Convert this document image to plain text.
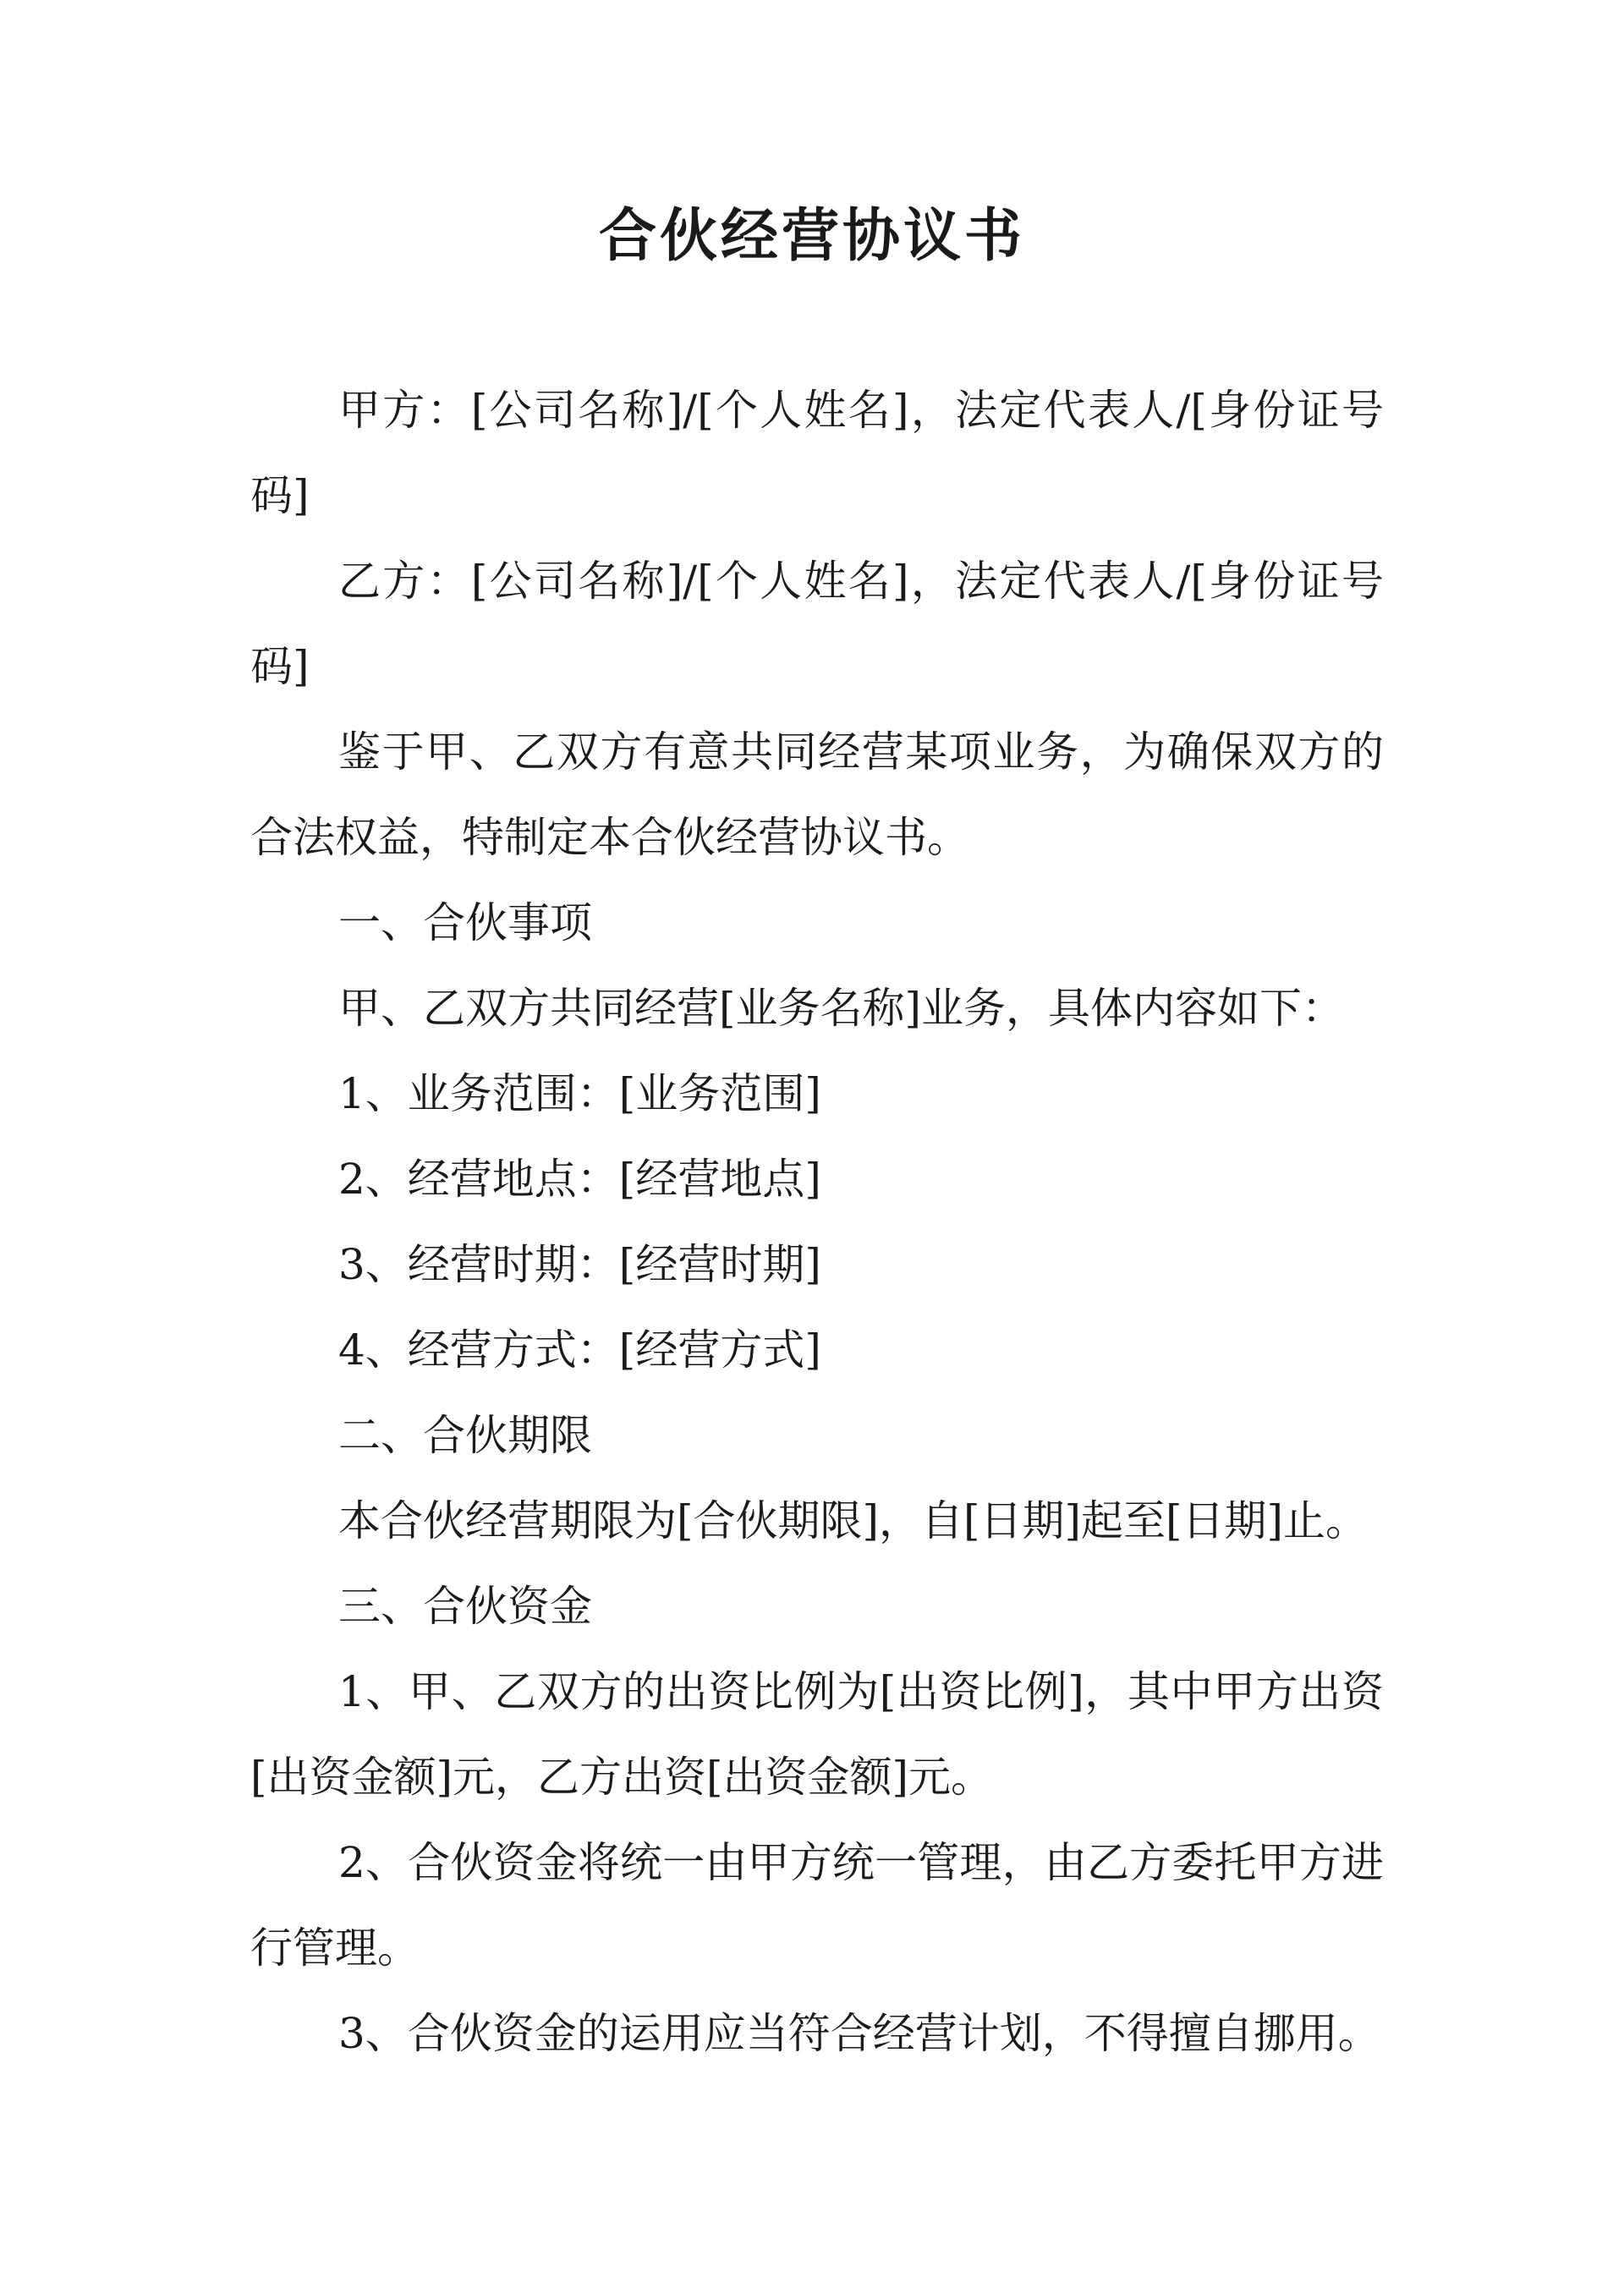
合伙经营协议书

甲方：[公司名称]/[个人姓名]，法定代表人/[身份证号码]

乙方：[公司名称]/[个人姓名]，法定代表人/[身份证号码]

鉴于甲、乙双方有意共同经营某项业务，为确保双方的合法权益，特制定本合伙经营协议书。

一、合伙事项

甲、乙双方共同经营[业务名称]业务，具体内容如下：

1、业务范围：[业务范围]

2、经营地点：[经营地点]

3、经营时期：[经营时期]

4、经营方式：[经营方式]

二、合伙期限

本合伙经营期限为[合伙期限]，自[日期]起至[日期]止。

三、合伙资金

1、甲、乙双方的出资比例为[出资比例]，其中甲方出资[出资金额]元，乙方出资[出资金额]元。

2、合伙资金将统一由甲方统一管理，由乙方委托甲方进行管理。

3、合伙资金的运用应当符合经营计划，不得擅自挪用。
